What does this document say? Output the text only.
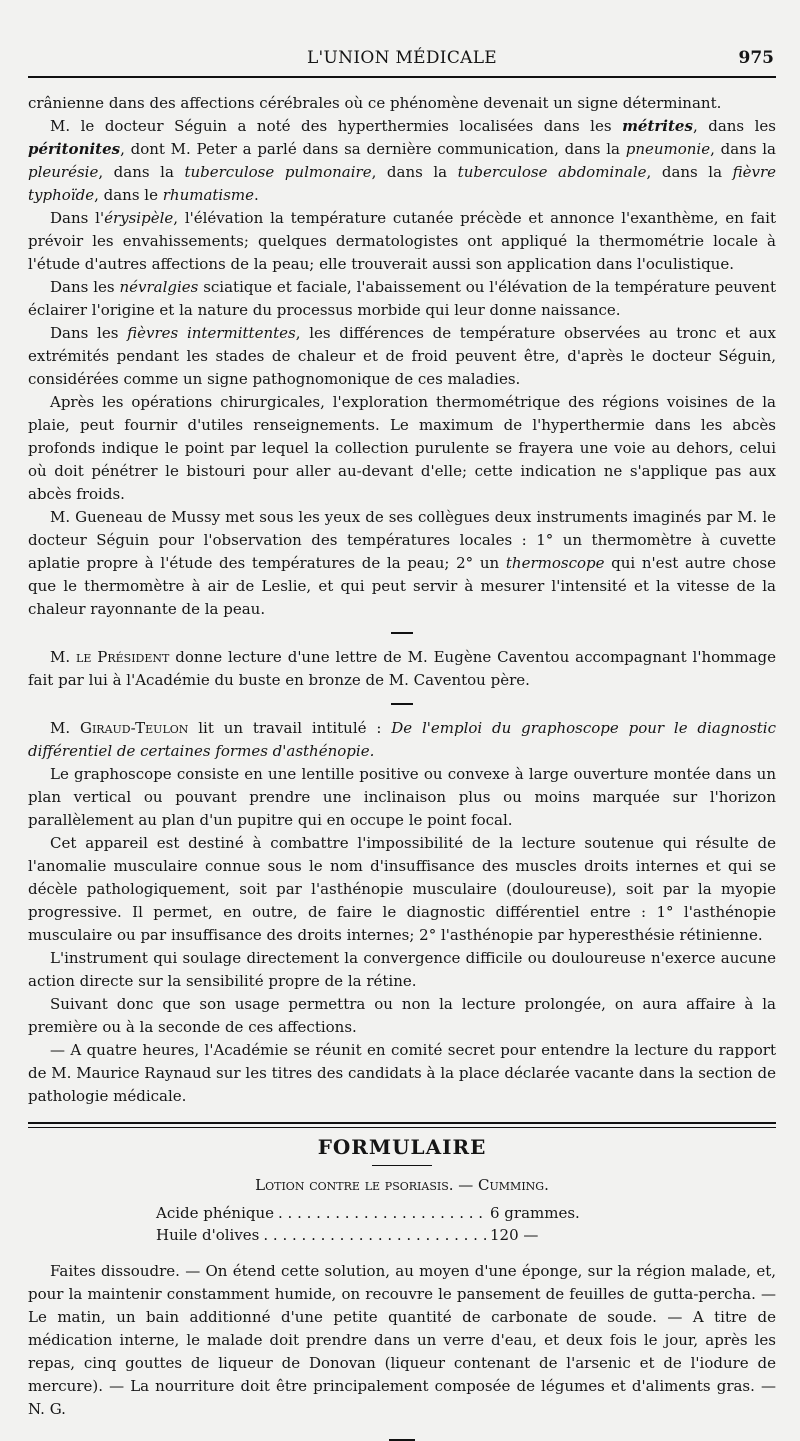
L'UNION MÉDICALE	975

crânienne dans des affections cérébrales où ce phénomène devenait un signe déterminant.

M. le docteur Séguin a noté des hyperthermies localisées dans les métrites, dans les péritonites, dont M. Peter a parlé dans sa dernière communication, dans la pneumonie, dans la pleurésie, dans la tuberculose pulmonaire, dans la tuberculose abdominale, dans la fièvre typhoïde, dans le rhumatisme.

Dans l'érysipèle, l'élévation la température cutanée précède et annonce l'exanthème, en fait prévoir les envahissements; quelques dermatologistes ont appliqué la thermométrie locale à l'étude d'autres affections de la peau; elle trouverait aussi son application dans l'oculistique.

Dans les névralgies sciatique et faciale, l'abaissement ou l'élévation de la température peuvent éclairer l'origine et la nature du processus morbide qui leur donne naissance.

Dans les fièvres intermittentes, les différences de température observées au tronc et aux extrémités pendant les stades de chaleur et de froid peuvent être, d'après le docteur Séguin, considérées comme un signe pathognomonique de ces maladies.

Après les opérations chirurgicales, l'exploration thermométrique des régions voisines de la plaie, peut fournir d'utiles renseignements. Le maximum de l'hyperthermie dans les abcès profonds indique le point par lequel la collection purulente se frayera une voie au dehors, celui où doit pénétrer le bistouri pour aller au-devant d'elle; cette indication ne s'applique pas aux abcès froids.

M. Gueneau de Mussy met sous les yeux de ses collègues deux instruments imaginés par M. le docteur Séguin pour l'observation des températures locales : 1° un thermomètre à cuvette aplatie propre à l'étude des températures de la peau; 2° un thermoscope qui n'est autre chose que le thermomètre à air de Leslie, et qui peut servir à mesurer l'intensité et la vitesse de la chaleur rayonnante de la peau.

M. le Président donne lecture d'une lettre de M. Eugène Caventou accompagnant l'hommage fait par lui à l'Académie du buste en bronze de M. Caventou père.

M. Giraud-Teulon lit un travail intitulé : De l'emploi du graphoscope pour le diagnostic différentiel de certaines formes d'asthénopie.

Le graphoscope consiste en une lentille positive ou convexe à large ouverture montée dans un plan vertical ou pouvant prendre une inclinaison plus ou moins marquée sur l'horizon parallèlement au plan d'un pupitre qui en occupe le point focal.

Cet appareil est destiné à combattre l'impossibilité de la lecture soutenue qui résulte de l'anomalie musculaire connue sous le nom d'insuffisance des muscles droits internes et qui se décèle pathologiquement, soit par l'asthénopie musculaire (douloureuse), soit par la myopie progressive. Il permet, en outre, de faire le diagnostic différentiel entre : 1° l'asthénopie musculaire ou par insuffisance des droits internes; 2° l'asthénopie par hyperesthésie rétinienne.

L'instrument qui soulage directement la convergence difficile ou douloureuse n'exerce aucune action directe sur la sensibilité propre de la rétine.

Suivant donc que son usage permettra ou non la lecture prolongée, on aura affaire à la première ou à la seconde de ces affections.

— A quatre heures, l'Académie se réunit en comité secret pour entendre la lecture du rapport de M. Maurice Raynaud sur les titres des candidats à la place déclarée vacante dans la section de pathologie médicale.

FORMULAIRE
Lotion contre le psoriasis. — Cumming.
Acide phénique . . .	6 grammes.
Huile d'olives . . .	120 —

Faites dissoudre. — On étend cette solution, au moyen d'une éponge, sur la région malade, et, pour la maintenir constamment humide, on recouvre le pansement de feuilles de gutta-percha. — Le matin, un bain additionné d'une petite quantité de carbonate de soude. — A titre de médication interne, le malade doit prendre dans un verre d'eau, et deux fois le jour, après les repas, cinq gouttes de liqueur de Donovan (liqueur contenant de l'arsenic et de l'iodure de mercure). — La nourriture doit être principalement composée de légumes et d'aliments gras. — N. G.
